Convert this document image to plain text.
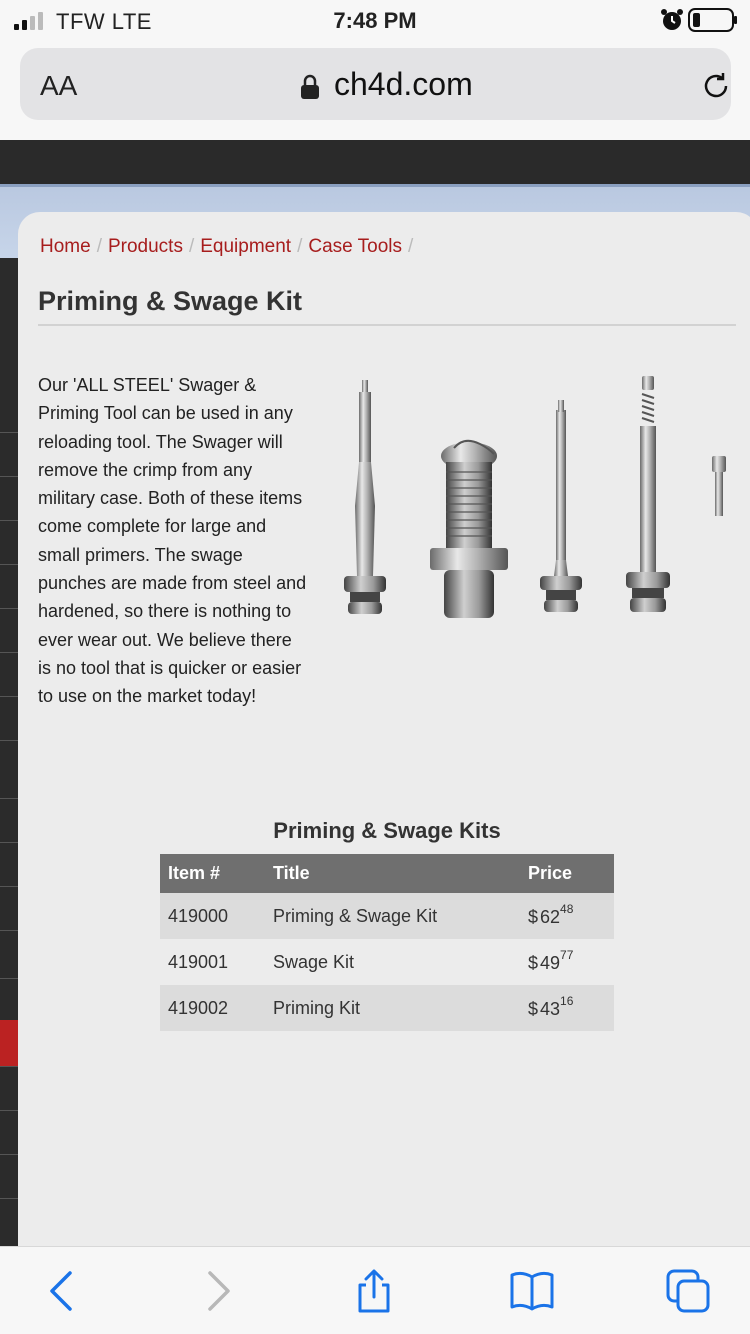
TFW LTE	7:48 PM
AA	ch4d.com
Home / Products / Equipment / Case Tools /
Priming & Swage Kit

Our 'ALL STEEL' Swager & Priming Tool can be used in any reloading tool. The Swager will remove the crimp from any military case. Both of these items come complete for large and small primers. The swage punches are made from steel and hardened, so there is nothing to ever wear out. We believe there is no tool that is quicker or easier to use on the market today!

Priming & Swage Kits
Item #	Title	Price
419000	Priming & Swage Kit	$ $62^{48}$
419001	Swage Kit	$ $49^{77}$
419002	Priming Kit	$ $43^{16}$
